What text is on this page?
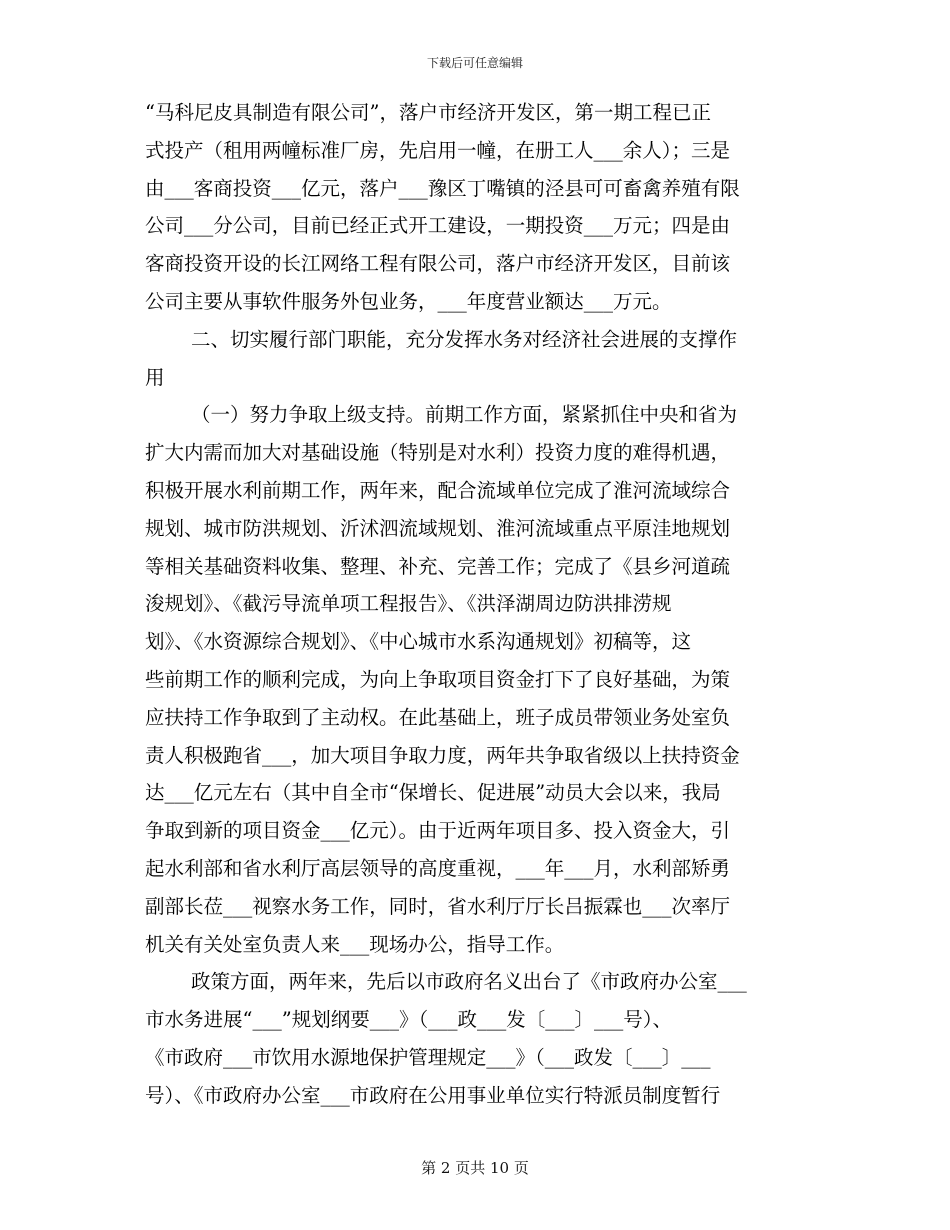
下载后可任意编辑
“马科尼皮具制造有限公司”，落户市经济开发区，第一期工程已正
式投产（租用两幢标准厂房，先启用一幢，在册工人___余人）；三是
由___客商投资___亿元，落户___豫区丁嘴镇的泾县可可畜禽养殖有限
公司___分公司，目前已经正式开工建设，一期投资___万元；四是由
客商投资开设的长江网络工程有限公司，落户市经济开发区，目前该
公司主要从事软件服务外包业务，___年度营业额达___万元。
二、切实履行部门职能，充分发挥水务对经济社会进展的支撑作
用
（一）努力争取上级支持。前期工作方面，紧紧抓住中央和省为
扩大内需而加大对基础设施（特别是对水利）投资力度的难得机遇，
积极开展水利前期工作，两年来，配合流域单位完成了淮河流域综合
规划、城市防洪规划、沂沭泗流域规划、淮河流域重点平原洼地规划
等相关基础资料收集、整理、补充、完善工作；完成了《县乡河道疏
浚规划》、《截污导流单项工程报告》、《洪泽湖周边防洪排涝规
划》、《水资源综合规划》、《中心城市水系沟通规划》初稿等，这
些前期工作的顺利完成，为向上争取项目资金打下了良好基础，为策
应扶持工作争取到了主动权。在此基础上，班子成员带领业务处室负
责人积极跑省___，加大项目争取力度，两年共争取省级以上扶持资金
达___亿元左右（其中自全市“保增长、促进展”动员大会以来，我局
争取到新的项目资金___亿元）。由于近两年项目多、投入资金大，引
起水利部和省水利厅高层领导的高度重视，___年___月，水利部矫勇
副部长莅___视察水务工作，同时，省水利厅厅长吕振霖也___次率厅
机关有关处室负责人来___现场办公，指导工作。
政策方面，两年来，先后以市政府名义出台了《市政府办公室___
市水务进展“___”规划纲要___》（___政___发〔___〕___号）、
《市政府___市饮用水源地保护管理规定___》（___政发〔___〕___
号）、《市政府办公室___市政府在公用事业单位实行特派员制度暂行
第 2 页共 10 页
